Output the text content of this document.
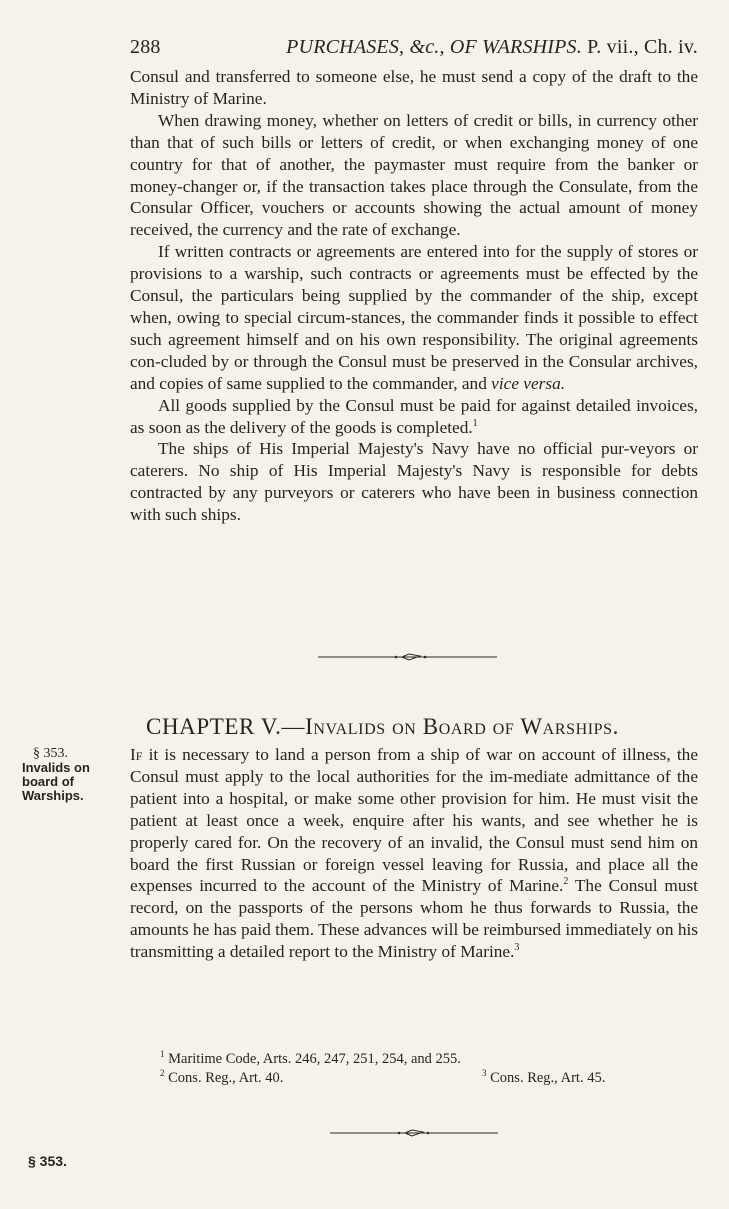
288	PURCHASES, &c., OF WARSHIPS. P. vii., Ch. iv.

Consul and transferred to someone else, he must send a copy of the draft to the Ministry of Marine.

When drawing money, whether on letters of credit or bills, in currency other than that of such bills or letters of credit, or when exchanging money of one country for that of another, the paymaster must require from the banker or money-changer or, if the transaction takes place through the Consulate, from the Consular Officer, vouchers or accounts showing the actual amount of money received, the currency and the rate of exchange.

If written contracts or agreements are entered into for the supply of stores or provisions to a warship, such contracts or agreements must be effected by the Consul, the particulars being supplied by the commander of the ship, except when, owing to special circum-stances, the commander finds it possible to effect such agreement himself and on his own responsibility. The original agreements con-cluded by or through the Consul must be preserved in the Consular archives, and copies of same supplied to the commander, and vice versa.

All goods supplied by the Consul must be paid for against detailed invoices, as soon as the delivery of the goods is completed.$^1$

The ships of His Imperial Majesty's Navy have no official pur-veyors or caterers. No ship of His Imperial Majesty's Navy is responsible for debts contracted by any purveyors or caterers who have been in business connection with such ships.

CHAPTER V.—Invalids on Board of Warships.
§ 353.
Invalids on board of Warships.

If it is necessary to land a person from a ship of war on account of illness, the Consul must apply to the local authorities for the im-mediate admittance of the patient into a hospital, or make some other provision for him. He must visit the patient at least once a week, enquire after his wants, and see whether he is properly cared for. On the recovery of an invalid, the Consul must send him on board the first Russian or foreign vessel leaving for Russia, and place all the expenses incurred to the account of the Ministry of Marine.$^2$ The Consul must record, on the passports of the persons whom he thus forwards to Russia, the amounts he has paid them. These advances will be reimbursed immediately on his transmitting a detailed report to the Ministry of Marine.$^3$

$^1$ Maritime Code, Arts. 246, 247, 251, 254, and 255.
$^2$ Cons. Reg., Art. 40.	$^3$ Cons. Reg., Art. 45.
§ 353.
